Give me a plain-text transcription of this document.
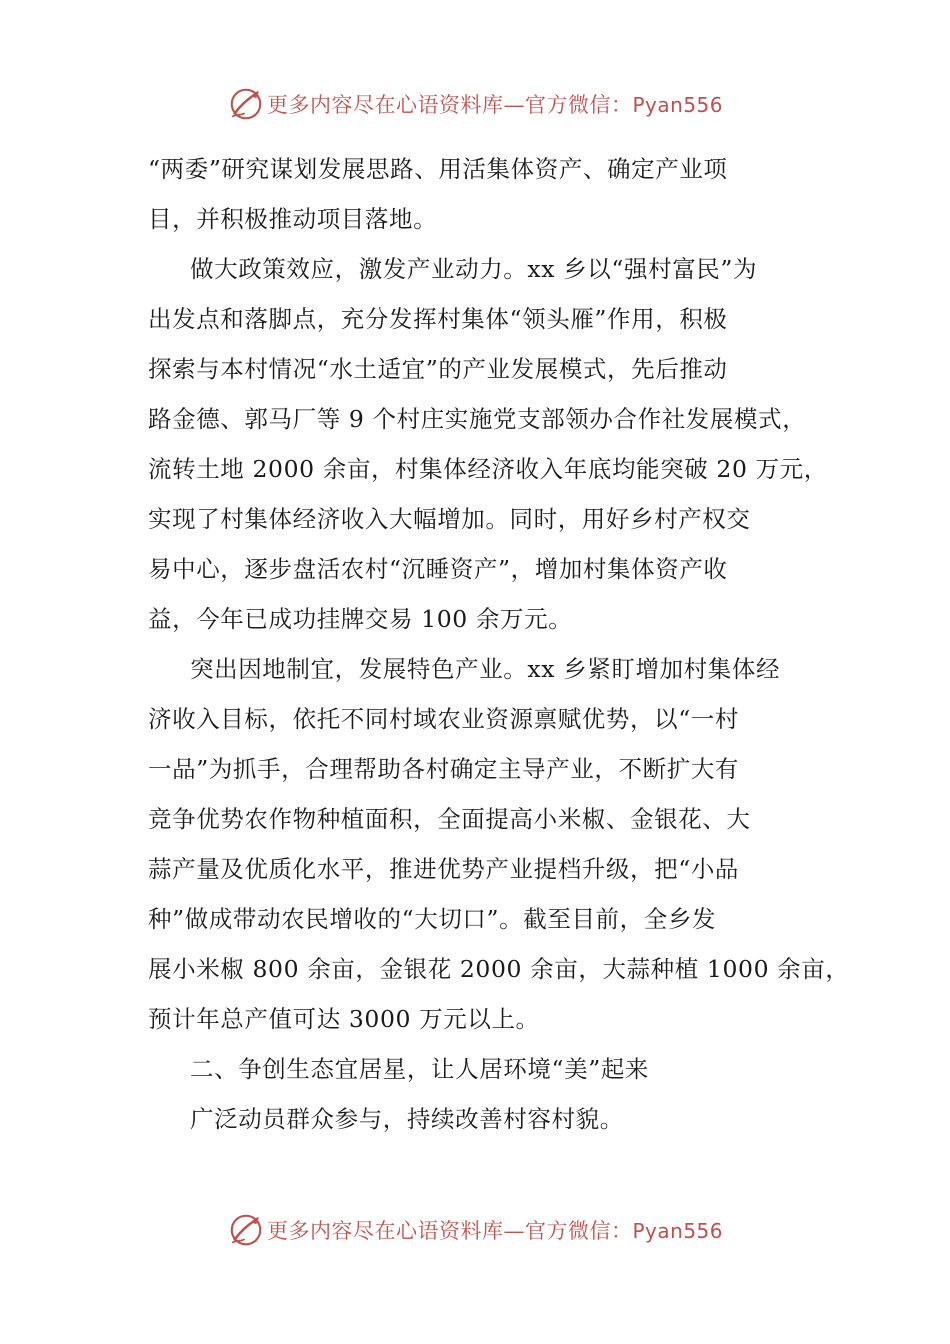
更多内容尽在心语资料库—官方微信：Pyan556
“两委”研究谋划发展思路、用活集体资产、确定产业项
目，并积极推动项目落地。
做大政策效应，激发产业动力。xx 乡以“强村富民”为
出发点和落脚点，充分发挥村集体“领头雁”作用，积极
探索与本村情况“水土适宜”的产业发展模式，先后推动
路金德、郭马厂等 9 个村庄实施党支部领办合作社发展模式，
流转土地 2000 余亩，村集体经济收入年底均能突破 20 万元，
实现了村集体经济收入大幅增加。同时，用好乡村产权交
易中心，逐步盘活农村“沉睡资产”，增加村集体资产收
益，今年已成功挂牌交易 100 余万元。
突出因地制宜，发展特色产业。xx 乡紧盯增加村集体经
济收入目标，依托不同村域农业资源禀赋优势，以“一村
一品”为抓手，合理帮助各村确定主导产业，不断扩大有
竞争优势农作物种植面积，全面提高小米椒、金银花、大
蒜产量及优质化水平，推进优势产业提档升级，把“小品
种”做成带动农民增收的“大切口”。截至目前，全乡发
展小米椒 800 余亩，金银花 2000 余亩，大蒜种植 1000 余亩，
预计年总产值可达 3000 万元以上。
二、争创生态宜居星，让人居环境“美”起来
广泛动员群众参与，持续改善村容村貌。
更多内容尽在心语资料库—官方微信：Pyan556
